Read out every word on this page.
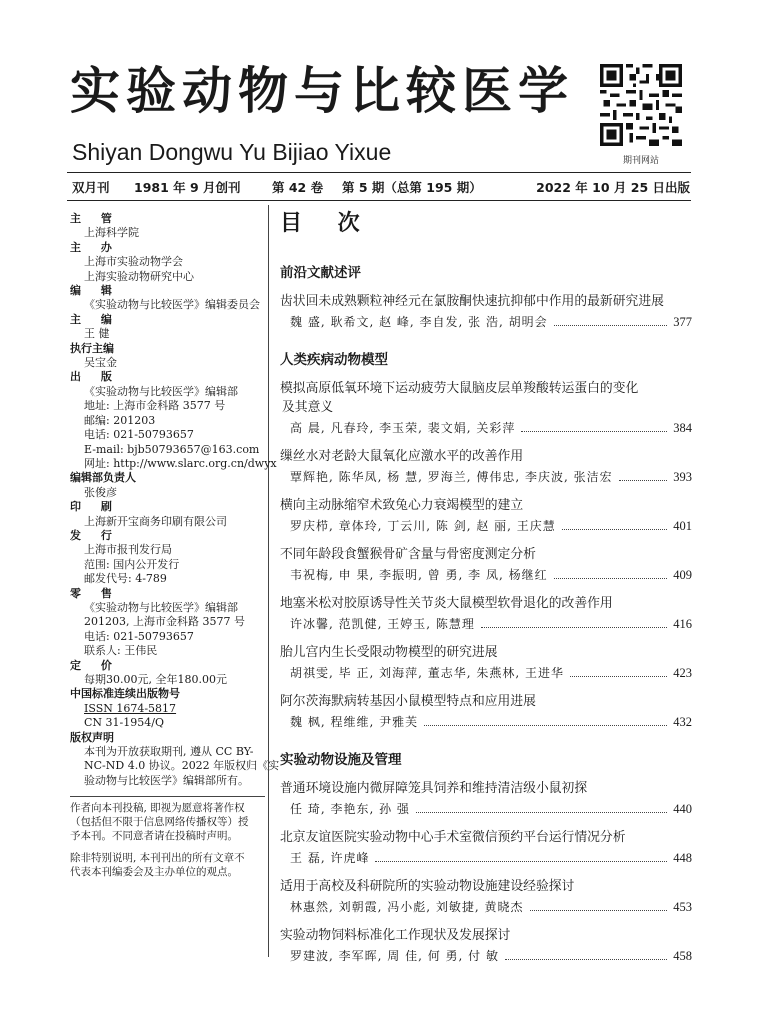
实验动物与比较医学
Shiyan Dongwu Yu Bijiao Yixue	期刊网站
双月刊 1981 年 9 月创刊	第 42 卷 第 5 期（总第 195 期）	2022 年 10 月 25 日出版
主 管
上海科学院
主 办
上海市实验动物学会
上海实验动物研究中心
编 辑
《实验动物与比较医学》编辑委员会
主 编
王 健
执行主编
吴宝金
出 版
《实验动物与比较医学》编辑部
地址: 上海市金科路 3577 号
邮编: 201203
电话: 021-50793657
E-mail: bjb50793657@163.com
网址: http://www.slarc.org.cn/dwyx
编辑部负责人
张俊彦
印 刷
上海新开宝商务印刷有限公司
发 行
上海市报刊发行局
范围: 国内公开发行
邮发代号: 4-789
零 售
《实验动物与比较医学》编辑部
201203, 上海市金科路 3577 号
电话: 021-50793657
联系人: 王伟民
定 价
每期30.00元, 全年180.00元
中国标准连续出版物号
ISSN 1674-5817
CN 31-1954/Q
版权声明
本刊为开放获取期刊, 遵从 CC BY-
NC-ND 4.0 协议。2022 年版权归《实
验动物与比较医学》编辑部所有。
作者向本刊投稿, 即视为愿意将著作权
（包括但不限于信息网络传播权等）授
予本刊。不同意者请在投稿时声明。
除非特别说明, 本刊刊出的所有文章不
代表本刊编委会及主办单位的观点。
目 次
前沿文献述评
齿状回未成熟颗粒神经元在氯胺酮快速抗抑郁中作用的最新研究进展
魏 盛, 耿希文, 赵 峰, 李自发, 张 浩, 胡明会	377
人类疾病动物模型
模拟高原低氧环境下运动疲劳大鼠脑皮层单羧酸转运蛋白的变化
及其意义
高 晨, 凡春玲, 李玉荣, 裴文娟, 关彩萍	384
缫丝水对老龄大鼠氧化应激水平的改善作用
覃辉艳, 陈华凤, 杨 慧, 罗海兰, 傅伟忠, 李庆波, 张洁宏	393
横向主动脉缩窄术致兔心力衰竭模型的建立
罗庆栉, 章体玲, 丁云川, 陈 剑, 赵 丽, 王庆慧	401
不同年龄段食蟹猴骨矿含量与骨密度测定分析
韦祝梅, 申 果, 李振明, 曾 勇, 李 凤, 杨继红	409
地塞米松对胶原诱导性关节炎大鼠模型软骨退化的改善作用
许冰馨, 范凯健, 王婷玉, 陈慧理	416
胎儿宫内生长受限动物模型的研究进展
胡祺雯, 毕 正, 刘海萍, 董志华, 朱燕林, 王进华	423
阿尔茨海默病转基因小鼠模型特点和应用进展
魏 枫, 程维维, 尹雅芙	432
实验动物设施及管理
普通环境设施内微屏障笼具饲养和维持清洁级小鼠初探
任 琦, 李艳东, 孙 强	440
北京友谊医院实验动物中心手术室微信预约平台运行情况分析
王 磊, 许虎峰	448
适用于高校及科研院所的实验动物设施建设经验探讨
林惠然, 刘朝霞, 冯小彪, 刘敏捷, 黄晓杰	453
实验动物饲料标准化工作现状及发展探讨
罗建波, 李军晖, 周 佳, 何 勇, 付 敏	458
